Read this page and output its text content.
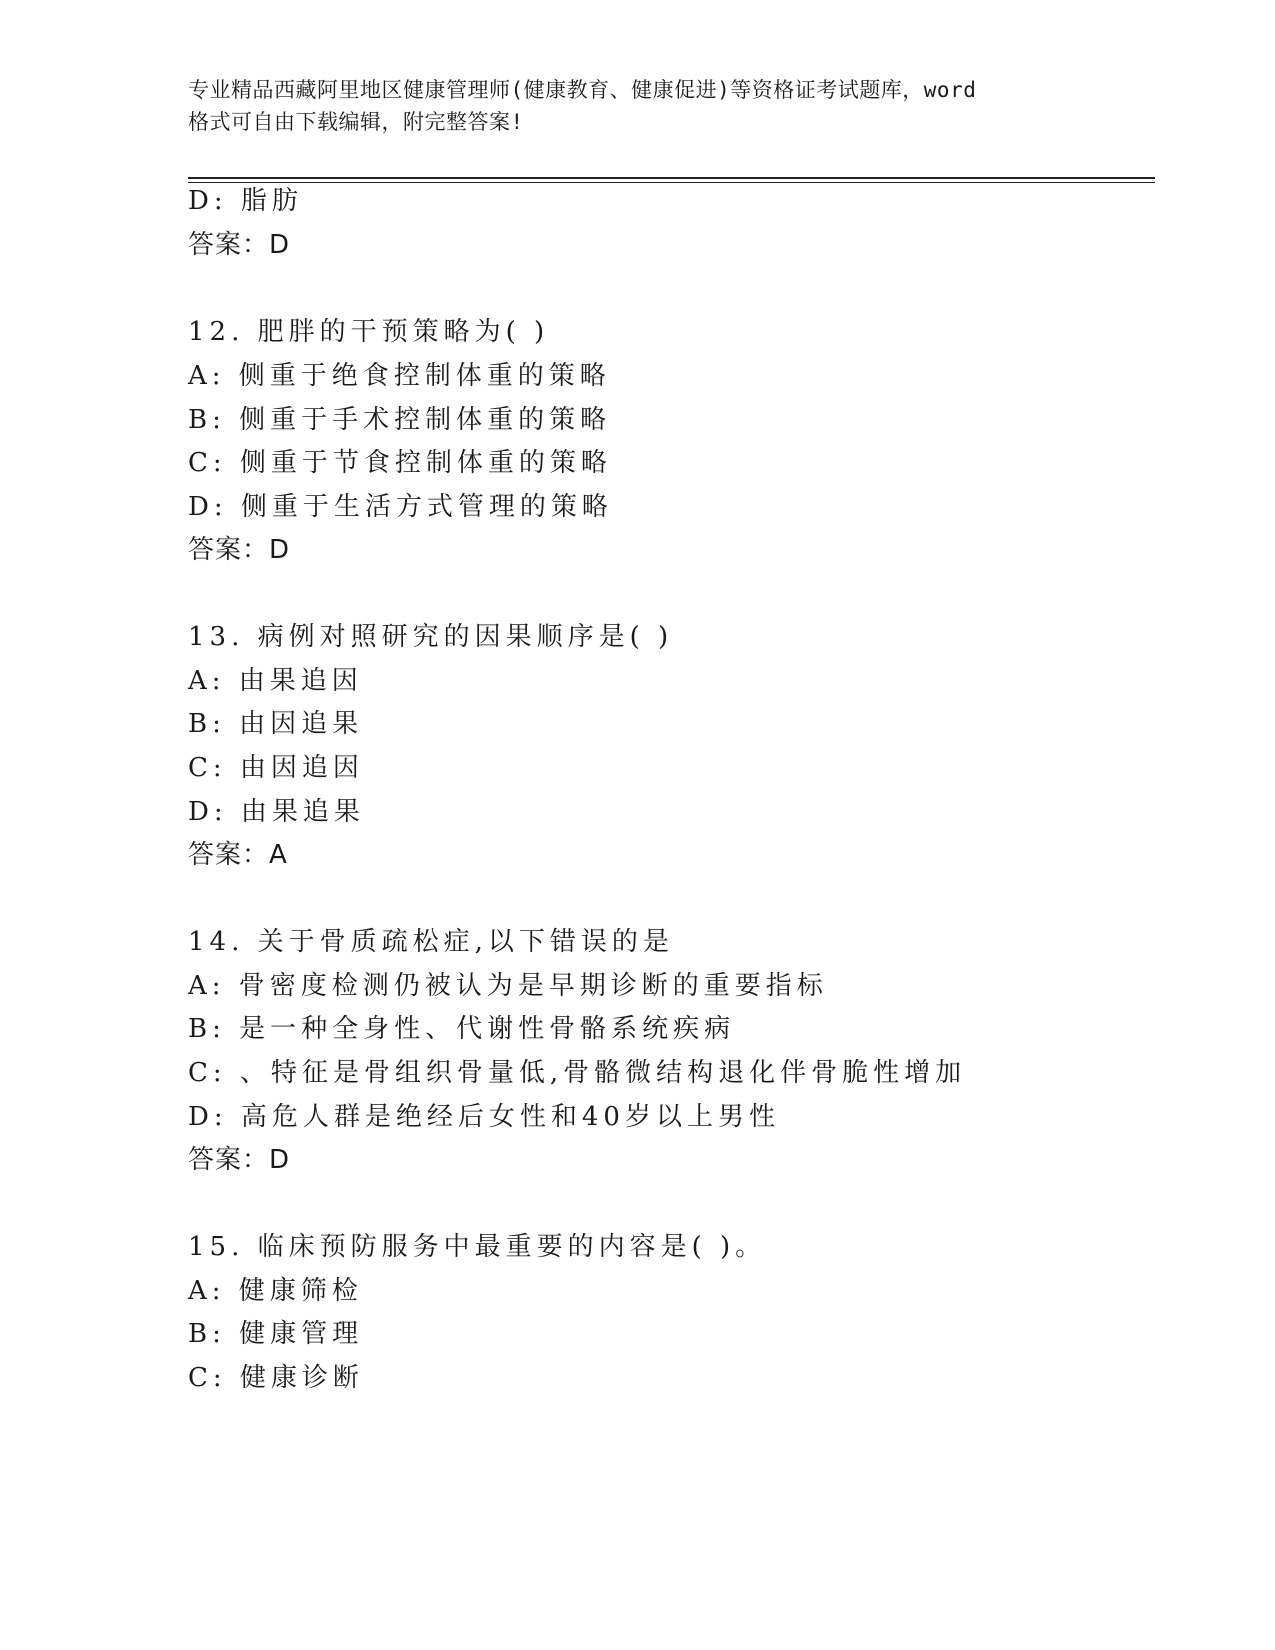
专业精品西藏阿里地区健康管理师(健康教育、健康促进)等资格证考试题库，word
格式可自由下载编辑，附完整答案!
D: 脂肪
答案：D
12. 肥胖的干预策略为( )
A: 侧重于绝食控制体重的策略
B: 侧重于手术控制体重的策略
C: 侧重于节食控制体重的策略
D: 侧重于生活方式管理的策略
答案：D
13. 病例对照研究的因果顺序是( )
A: 由果追因
B: 由因追果
C: 由因追因
D: 由果追果
答案：A
14. 关于骨质疏松症,以下错误的是
A: 骨密度检测仍被认为是早期诊断的重要指标
B: 是一种全身性、代谢性骨骼系统疾病
C: 、特征是骨组织骨量低,骨骼微结构退化伴骨脆性增加
D: 高危人群是绝经后女性和40岁以上男性
答案：D
15. 临床预防服务中最重要的内容是( )。
A: 健康筛检
B: 健康管理
C: 健康诊断
